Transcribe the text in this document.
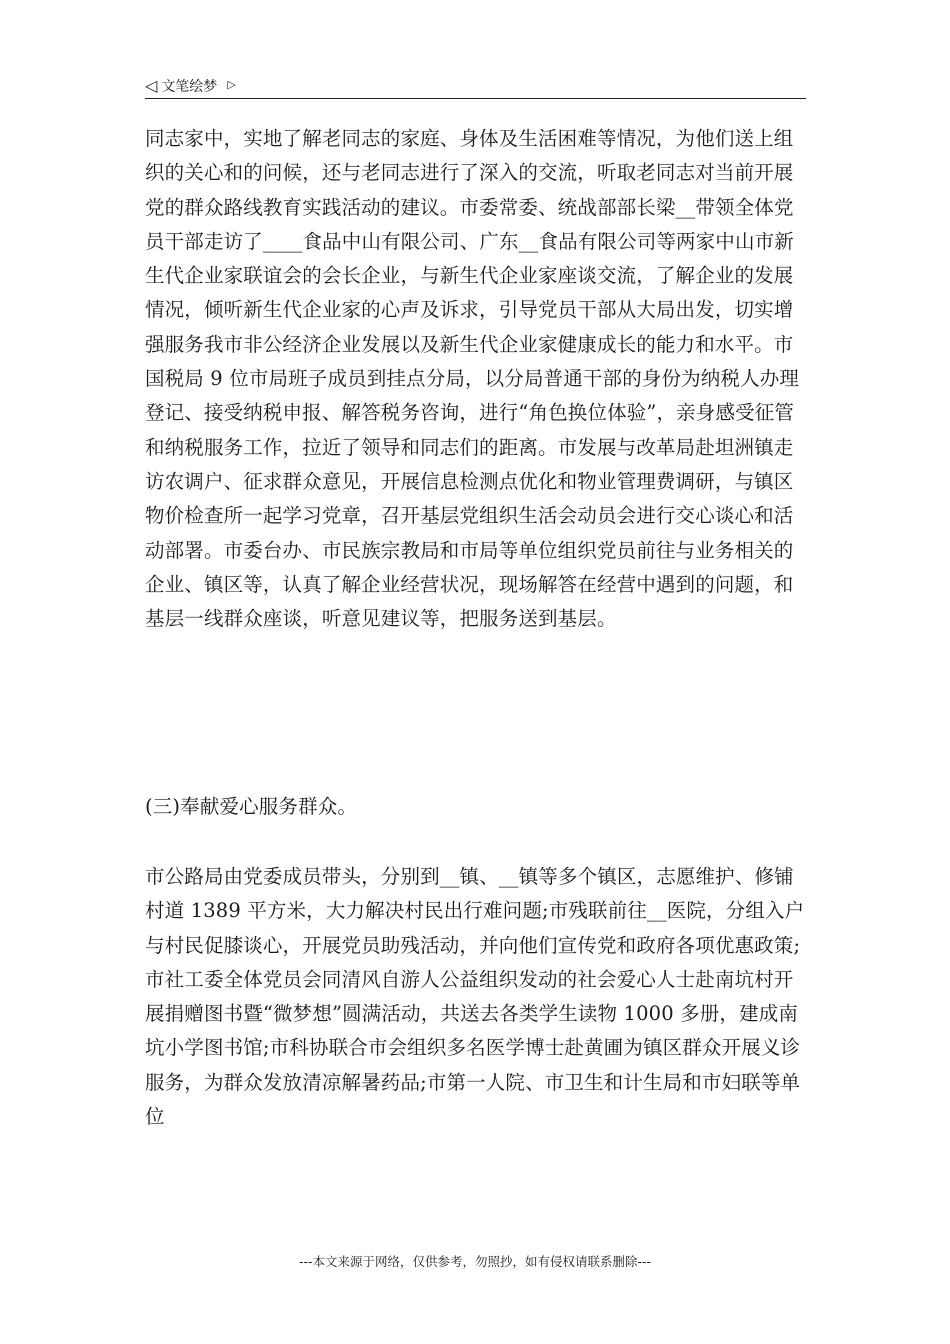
◁ 文笔绘梦 ▷

同志家中，实地了解老同志的家庭、身体及生活困难等情况，为他们送上组织的关心和的问候，还与老同志进行了深入的交流，听取老同志对当前开展党的群众路线教育实践活动的建议。市委常委、统战部部长梁__带领全体党员干部走访了____食品中山有限公司、广东__食品有限公司等两家中山市新生代企业家联谊会的会长企业，与新生代企业家座谈交流，了解企业的发展情况，倾听新生代企业家的心声及诉求，引导党员干部从大局出发，切实增强服务我市非公经济企业发展以及新生代企业家健康成长的能力和水平。市国税局 9 位市局班子成员到挂点分局，以分局普通干部的身份为纳税人办理登记、接受纳税申报、解答税务咨询，进行“角色换位体验”，亲身感受征管和纳税服务工作，拉近了领导和同志们的距离。市发展与改革局赴坦洲镇走访农调户、征求群众意见，开展信息检测点优化和物业管理费调研，与镇区物价检查所一起学习党章，召开基层党组织生活会动员会进行交心谈心和活动部署。市委台办、市民族宗教局和市局等单位组织党员前往与业务相关的企业、镇区等，认真了解企业经营状况，现场解答在经营中遇到的问题，和基层一线群众座谈，听意见建议等，把服务送到基层。

(三)奉献爱心服务群众。

市公路局由党委成员带头，分别到__镇、__镇等多个镇区，志愿维护、修铺村道 1389 平方米，大力解决村民出行难问题;市残联前往__医院，分组入户与村民促膝谈心，开展党员助残活动，并向他们宣传党和政府各项优惠政策;市社工委全体党员会同清风自游人公益组织发动的社会爱心人士赴南坑村开展捐赠图书暨“微梦想”圆满活动，共送去各类学生读物 1000 多册，建成南坑小学图书馆;市科协联合市会组织多名医学博士赴黄圃为镇区群众开展义诊服务，为群众发放清凉解暑药品;市第一人院、市卫生和计生局和市妇联等单位

---本文来源于网络，仅供参考，勿照抄，如有侵权请联系删除---
